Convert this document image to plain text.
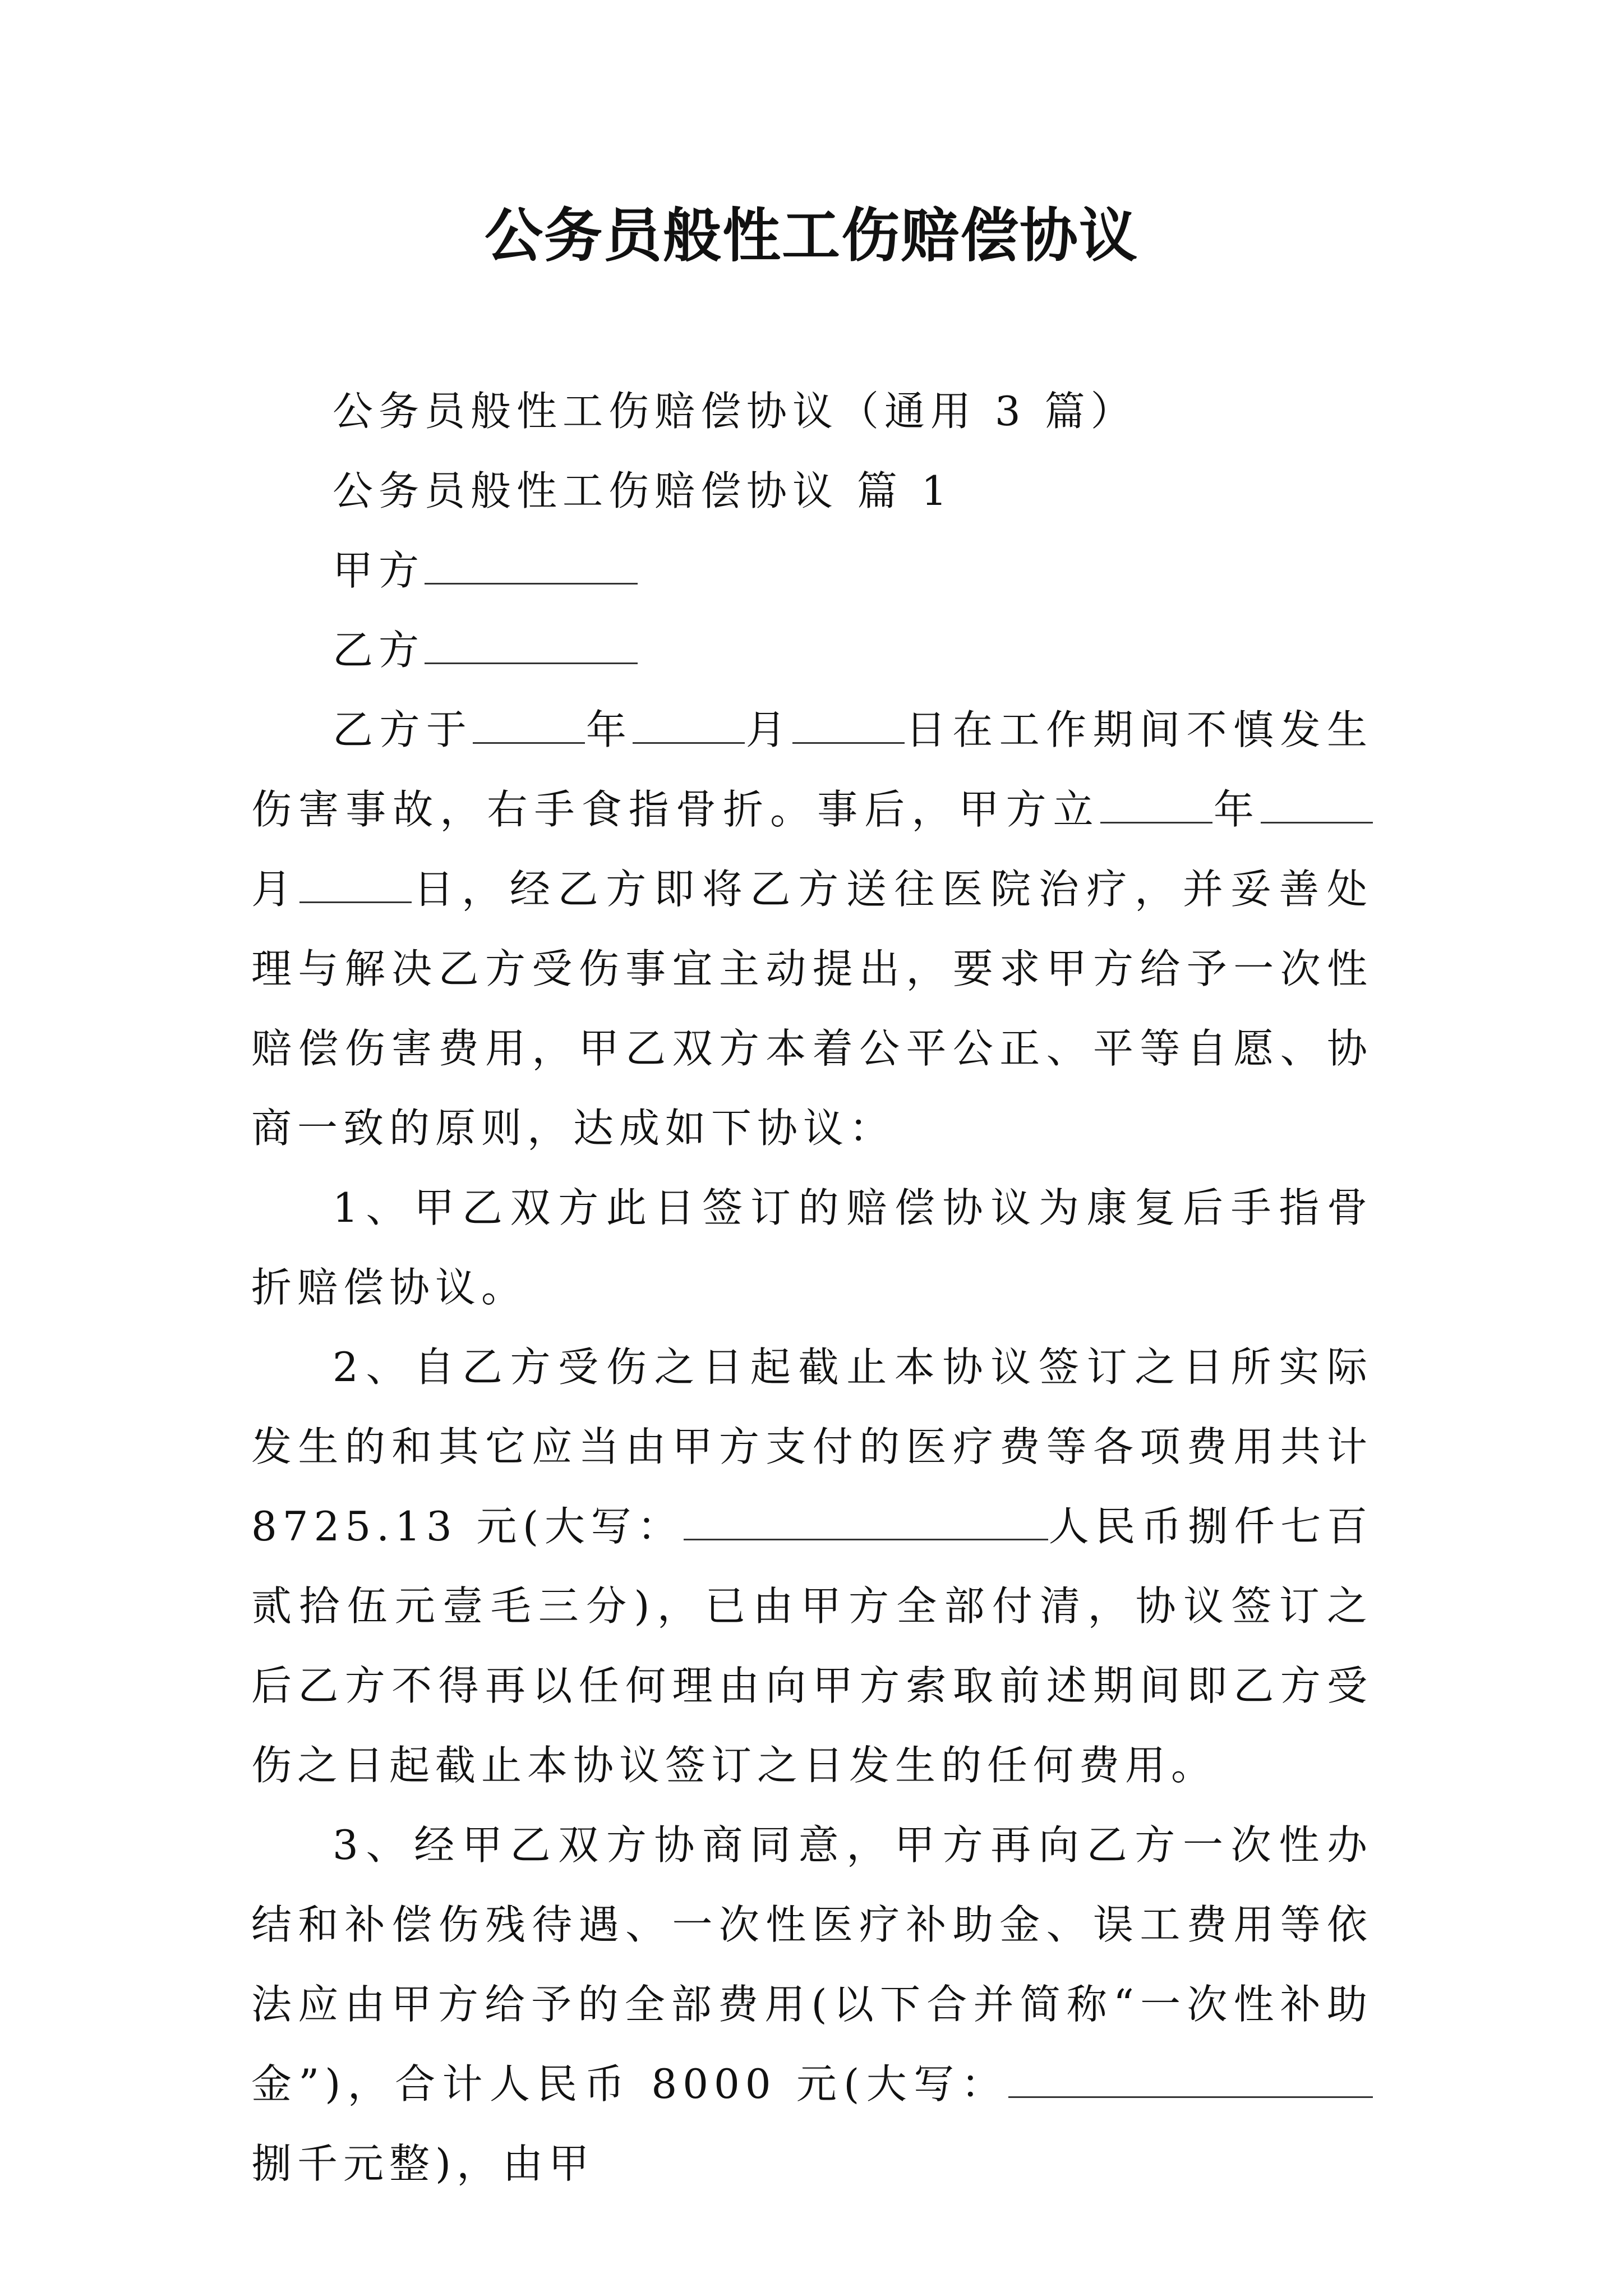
公务员般性工伤赔偿协议

公务员般性工伤赔偿协议（通用 3 篇）

公务员般性工伤赔偿协议 篇 1

甲方

乙方

乙方于	年	月	日在工作期间不慎发生伤害事故，右手食指骨折。事后，甲方立	年月	日，经乙方即将乙方送往医院治疗，并妥善处理与解决乙方受伤事宜主动提出，要求甲方给予一次性赔偿伤害费用，甲乙双方本着公平公正、平等自愿、协商一致的原则，达成如下协议：

1、甲乙双方此日签订的赔偿协议为康复后手指骨折赔偿协议。

2、自乙方受伤之日起截止本协议签订之日所实际发生的和其它应当由甲方支付的医疗费等各项费用共计 8725.13 元(大写：	人民币捌仟七百贰拾伍元壹毛三分)，已由甲方全部付清，协议签订之后乙方不得再以任何理由向甲方索取前述期间即乙方受伤之日起截止本协议签订之日发生的任何费用。

3、经甲乙双方协商同意，甲方再向乙方一次性办结和补偿伤残待遇、一次性医疗补助金、误工费用等依法应由甲方给予的全部费用(以下合并简称“一次性补助金”)，合计人民币 8000 元(大写：捌千元整)，由甲
